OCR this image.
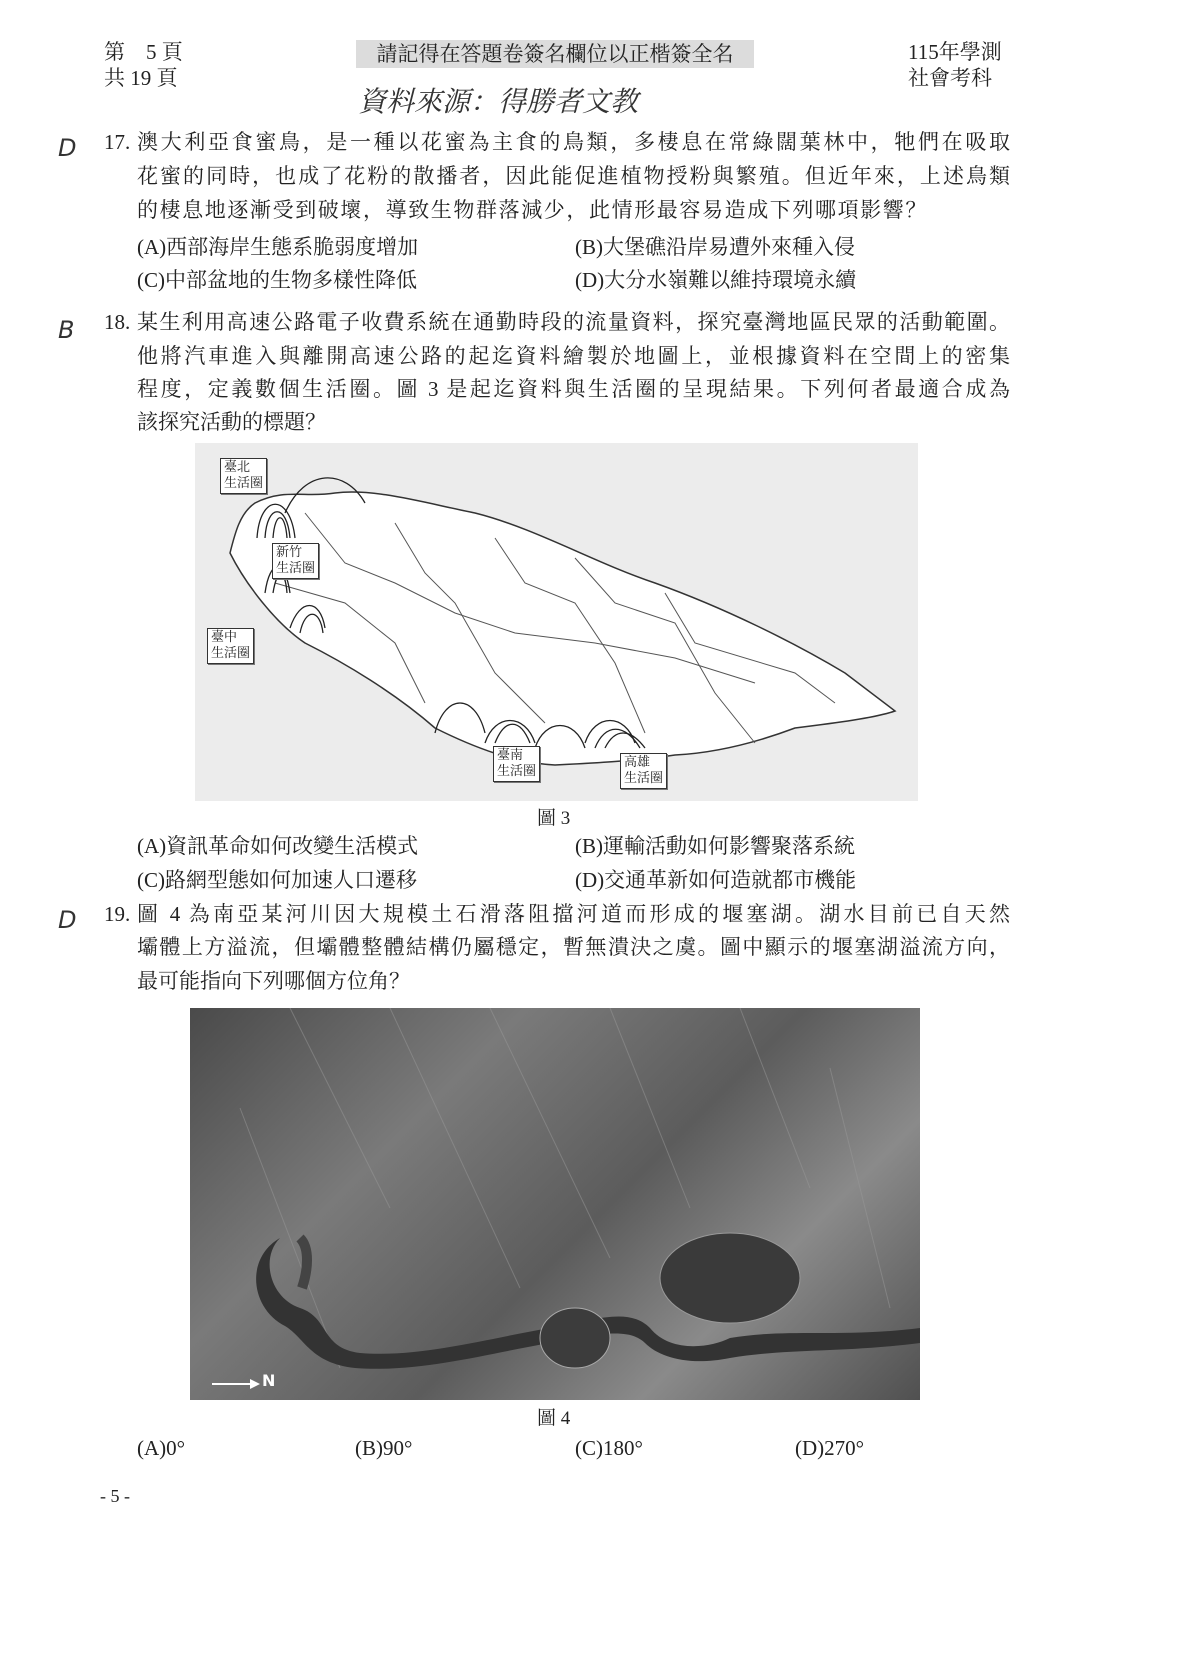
第　5 頁
共 19 頁
請記得在答題卷簽名欄位以正楷簽全名
資料來源：得勝者文教
115年學測
社會考科
D 17. 澳大利亞食蜜鳥，是一種以花蜜為主食的鳥類，多棲息在常綠闊葉林中，牠們在吸取
花蜜的同時，也成了花粉的散播者，因此能促進植物授粉與繁殖。但近年來，上述鳥類
的棲息地逐漸受到破壞，導致生物群落減少，此情形最容易造成下列哪項影響？
(A)西部海岸生態系脆弱度增加	(B)大堡礁沿岸易遭外來種入侵
(C)中部盆地的生物多樣性降低	(D)大分水嶺難以維持環境永續
B 18. 某生利用高速公路電子收費系統在通勤時段的流量資料，探究臺灣地區民眾的活動範圍。
他將汽車進入與離開高速公路的起迄資料繪製於地圖上，並根據資料在空間上的密集
程度，定義數個生活圈。圖 3 是起迄資料與生活圈的呈現結果。下列何者最適合成為
該探究活動的標題？
臺北
生活圈
新竹
生活圈
臺中
生活圈
臺南
生活圈
高雄
生活圈
圖 3
(A)資訊革命如何改變生活模式	(B)運輸活動如何影響聚落系統
(C)路網型態如何加速人口遷移	(D)交通革新如何造就都市機能
D 19. 圖 4 為南亞某河川因大規模土石滑落阻擋河道而形成的堰塞湖。湖水目前已自天然
壩體上方溢流，但壩體整體結構仍屬穩定，暫無潰決之虞。圖中顯示的堰塞湖溢流方向，
最可能指向下列哪個方位角？
N
圖 4
(A)0°	(B)90°	(C)180°	(D)270°
- 5 -
